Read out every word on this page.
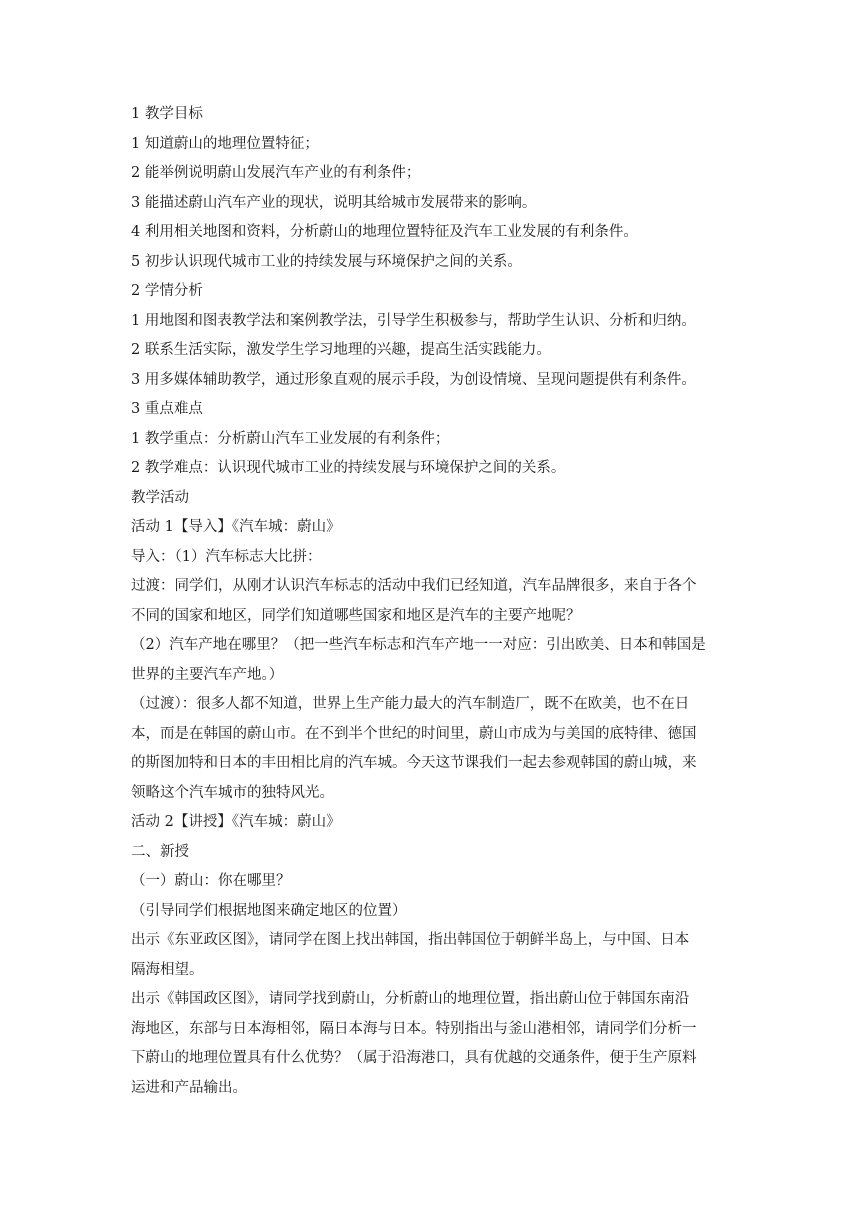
1 教学目标
1 知道蔚山的地理位置特征；
2 能举例说明蔚山发展汽车产业的有利条件；
3 能描述蔚山汽车产业的现状，说明其给城市发展带来的影响。
4 利用相关地图和资料，分析蔚山的地理位置特征及汽车工业发展的有利条件。
5 初步认识现代城市工业的持续发展与环境保护之间的关系。
2 学情分析
1 用地图和图表教学法和案例教学法，引导学生积极参与，帮助学生认识、分析和归纳。
2 联系生活实际，激发学生学习地理的兴趣，提高生活实践能力。
3 用多媒体辅助教学，通过形象直观的展示手段，为创设情境、呈现问题提供有利条件。
3 重点难点
1 教学重点：分析蔚山汽车工业发展的有利条件；
2 教学难点：认识现代城市工业的持续发展与环境保护之间的关系。
教学活动
活动 1【导入】《汽车城：蔚山》
导入：（1）汽车标志大比拼：
过渡：同学们，从刚才认识汽车标志的活动中我们已经知道，汽车品牌很多，来自于各个
不同的国家和地区，同学们知道哪些国家和地区是汽车的主要产地呢？
（2）汽车产地在哪里？（把一些汽车标志和汽车产地一一对应：引出欧美、日本和韩国是
世界的主要汽车产地。）
（过渡）：很多人都不知道，世界上生产能力最大的汽车制造厂，既不在欧美，也不在日
本，而是在韩国的蔚山市。在不到半个世纪的时间里，蔚山市成为与美国的底特律、德国
的斯图加特和日本的丰田相比肩的汽车城。今天这节课我们一起去参观韩国的蔚山城，来
领略这个汽车城市的独特风光。
活动 2【讲授】《汽车城：蔚山》
二、新授
（一）蔚山：你在哪里？
（引导同学们根据地图来确定地区的位置）
出示《东亚政区图》，请同学在图上找出韩国，指出韩国位于朝鲜半岛上，与中国、日本
隔海相望。
出示《韩国政区图》，请同学找到蔚山，分析蔚山的地理位置，指出蔚山位于韩国东南沿
海地区，东部与日本海相邻，隔日本海与日本。特别指出与釜山港相邻，请同学们分析一
下蔚山的地理位置具有什么优势？（属于沿海港口，具有优越的交通条件，便于生产原料
运进和产品输出。
